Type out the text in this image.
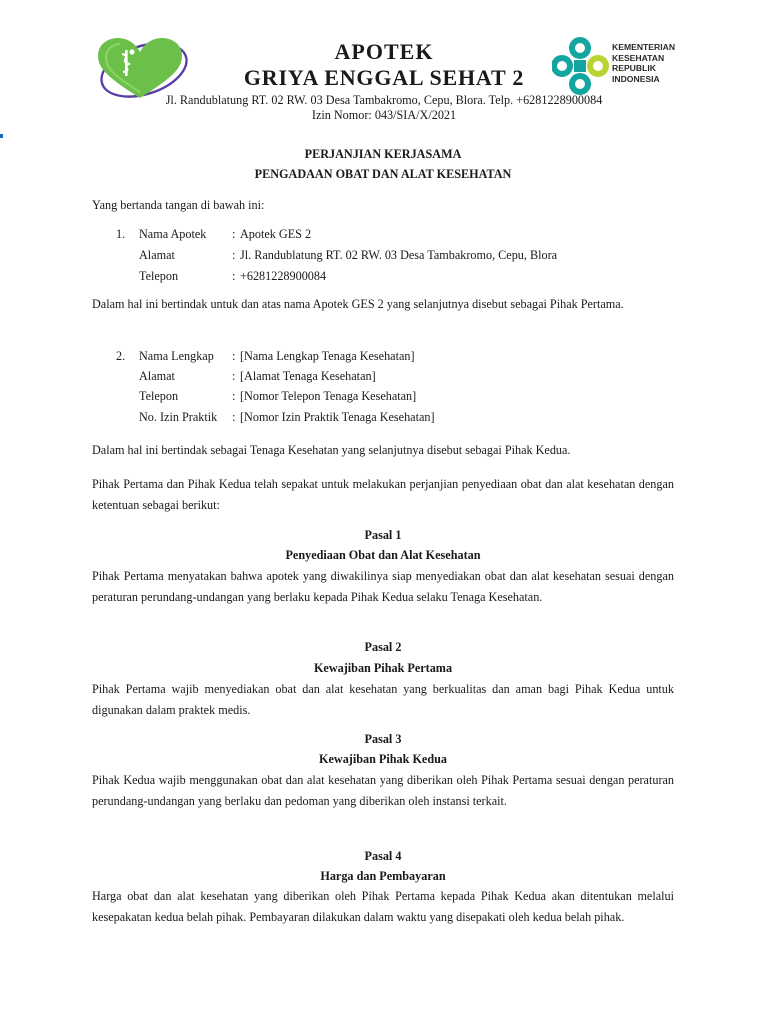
KEMENTERIAN
KESEHATAN
REPUBLIK
INDONESIA
APOTEK
GRIYA ENGGAL SEHAT 2
Jl. Randublatung RT. 02 RW. 03 Desa Tambakromo, Cepu, Blora. Telp. +6281228900084
Izin Nomor: 043/SIA/X/2021
PERJANJIAN KERJASAMA
PENGADAAN OBAT DAN ALAT KESEHATAN
Yang bertanda tangan di bawah ini:
1. Nama Apotek : Apotek GES 2
Alamat	: Jl. Randublatung RT. 02 RW. 03 Desa Tambakromo, Cepu, Blora
Telepon	: +6281228900084

Dalam hal ini bertindak untuk dan atas nama Apotek GES 2 yang selanjutnya disebut sebagai Pihak Pertama.

2. Nama Lengkap : [Nama Lengkap Tenaga Kesehatan]
Alamat	: [Alamat Tenaga Kesehatan]
Telepon	: [Nomor Telepon Tenaga Kesehatan]
No. Izin Praktik : [Nomor Izin Praktik Tenaga Kesehatan]

Dalam hal ini bertindak sebagai Tenaga Kesehatan yang selanjutnya disebut sebagai Pihak Kedua.

Pihak Pertama dan Pihak Kedua telah sepakat untuk melakukan perjanjian penyediaan obat dan alat kesehatan dengan ketentuan sebagai berikut:

Pasal 1
Penyediaan Obat dan Alat Kesehatan

Pihak Pertama menyatakan bahwa apotek yang diwakilinya siap menyediakan obat dan alat kesehatan sesuai dengan peraturan perundang-undangan yang berlaku kepada Pihak Kedua selaku Tenaga Kesehatan.

Pasal 2
Kewajiban Pihak Pertama

Pihak Pertama wajib menyediakan obat dan alat kesehatan yang berkualitas dan aman bagi Pihak Kedua untuk digunakan dalam praktek medis.

Pasal 3
Kewajiban Pihak Kedua

Pihak Kedua wajib menggunakan obat dan alat kesehatan yang diberikan oleh Pihak Pertama sesuai dengan peraturan perundang-undangan yang berlaku dan pedoman yang diberikan oleh instansi terkait.

Pasal 4
Harga dan Pembayaran

Harga obat dan alat kesehatan yang diberikan oleh Pihak Pertama kepada Pihak Kedua akan ditentukan melalui kesepakatan kedua belah pihak. Pembayaran dilakukan dalam waktu yang disepakati oleh kedua belah pihak.
